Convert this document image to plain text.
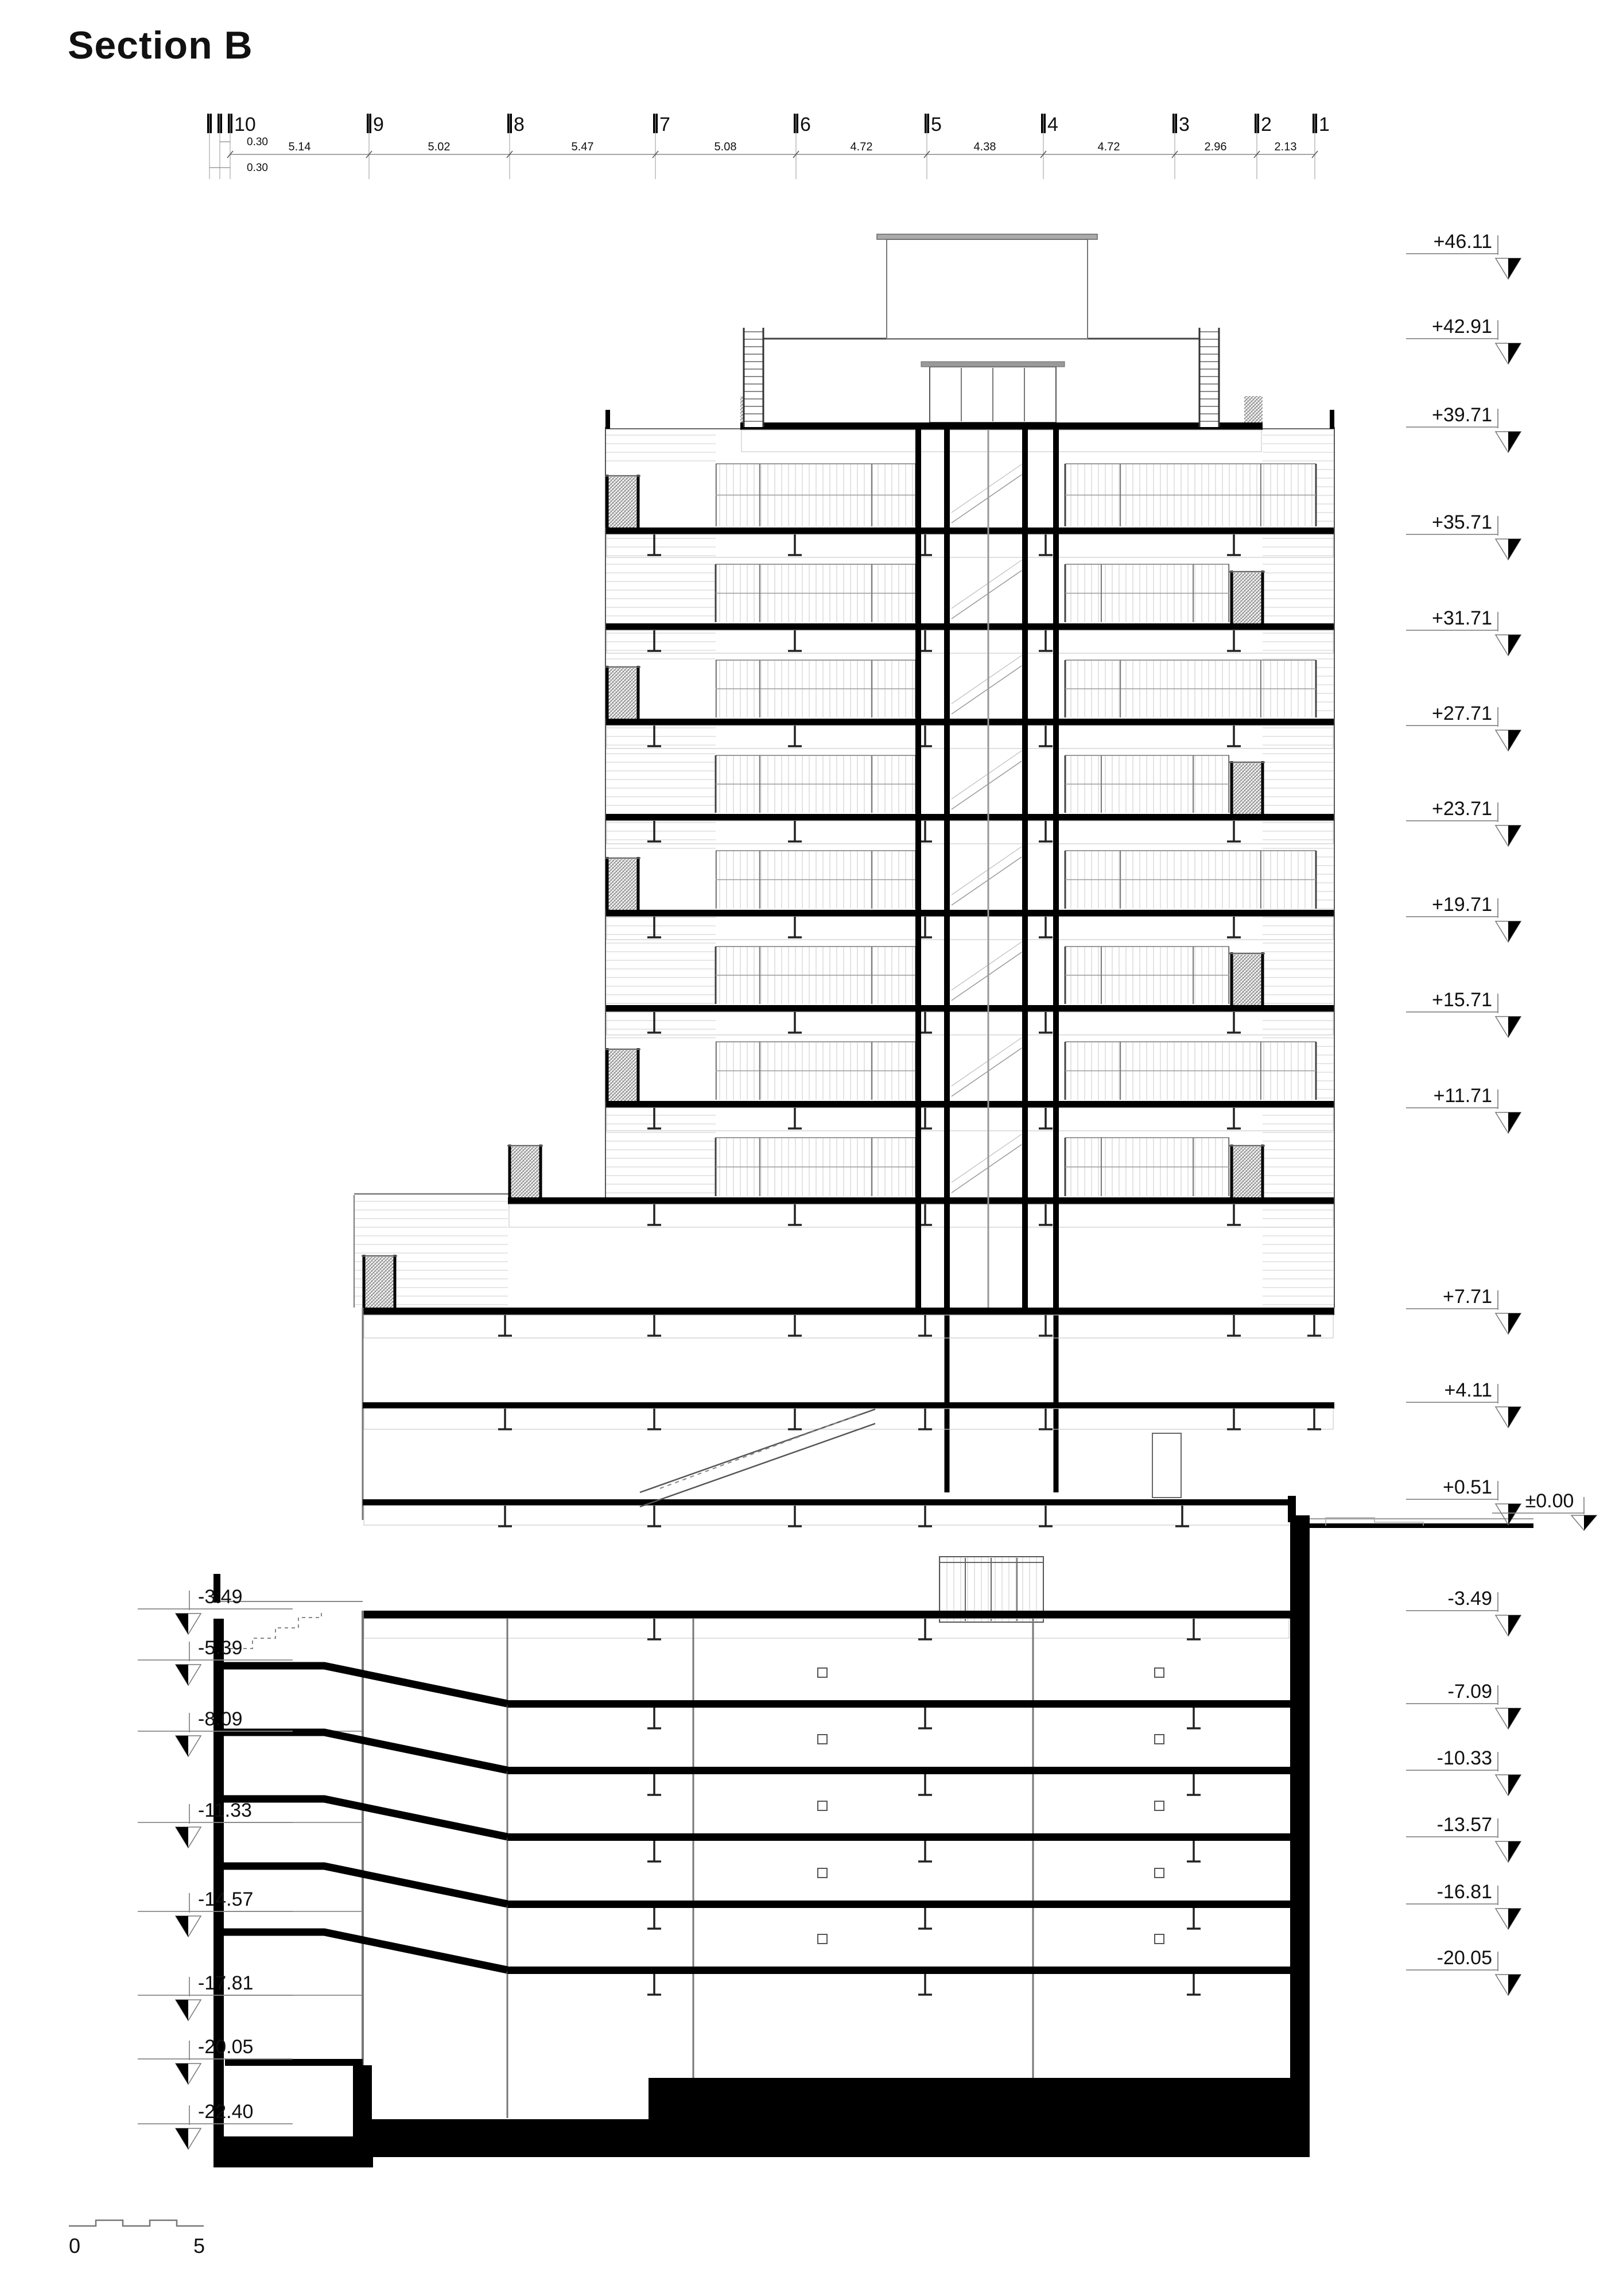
Section B
10	9	8	7	6	5	4	3	2 1
0.30
0.30
5.14	5.02	5.47	5.08	4.72	4.38	4.72	2.96	2.13
+46.11
+42.91
+39.71
+35.71
+31.71
+27.71
+23.71
+19.71
+15.71
+11.71
+7.71
+4.11
+0.51
-3.49
-7.09
-10.33
-13.57
-16.81
-20.05
-3.49
-5.39
-8.09
-11.33
-14.57
-17.81
-20.05
-22.40
±0.00
0	5
